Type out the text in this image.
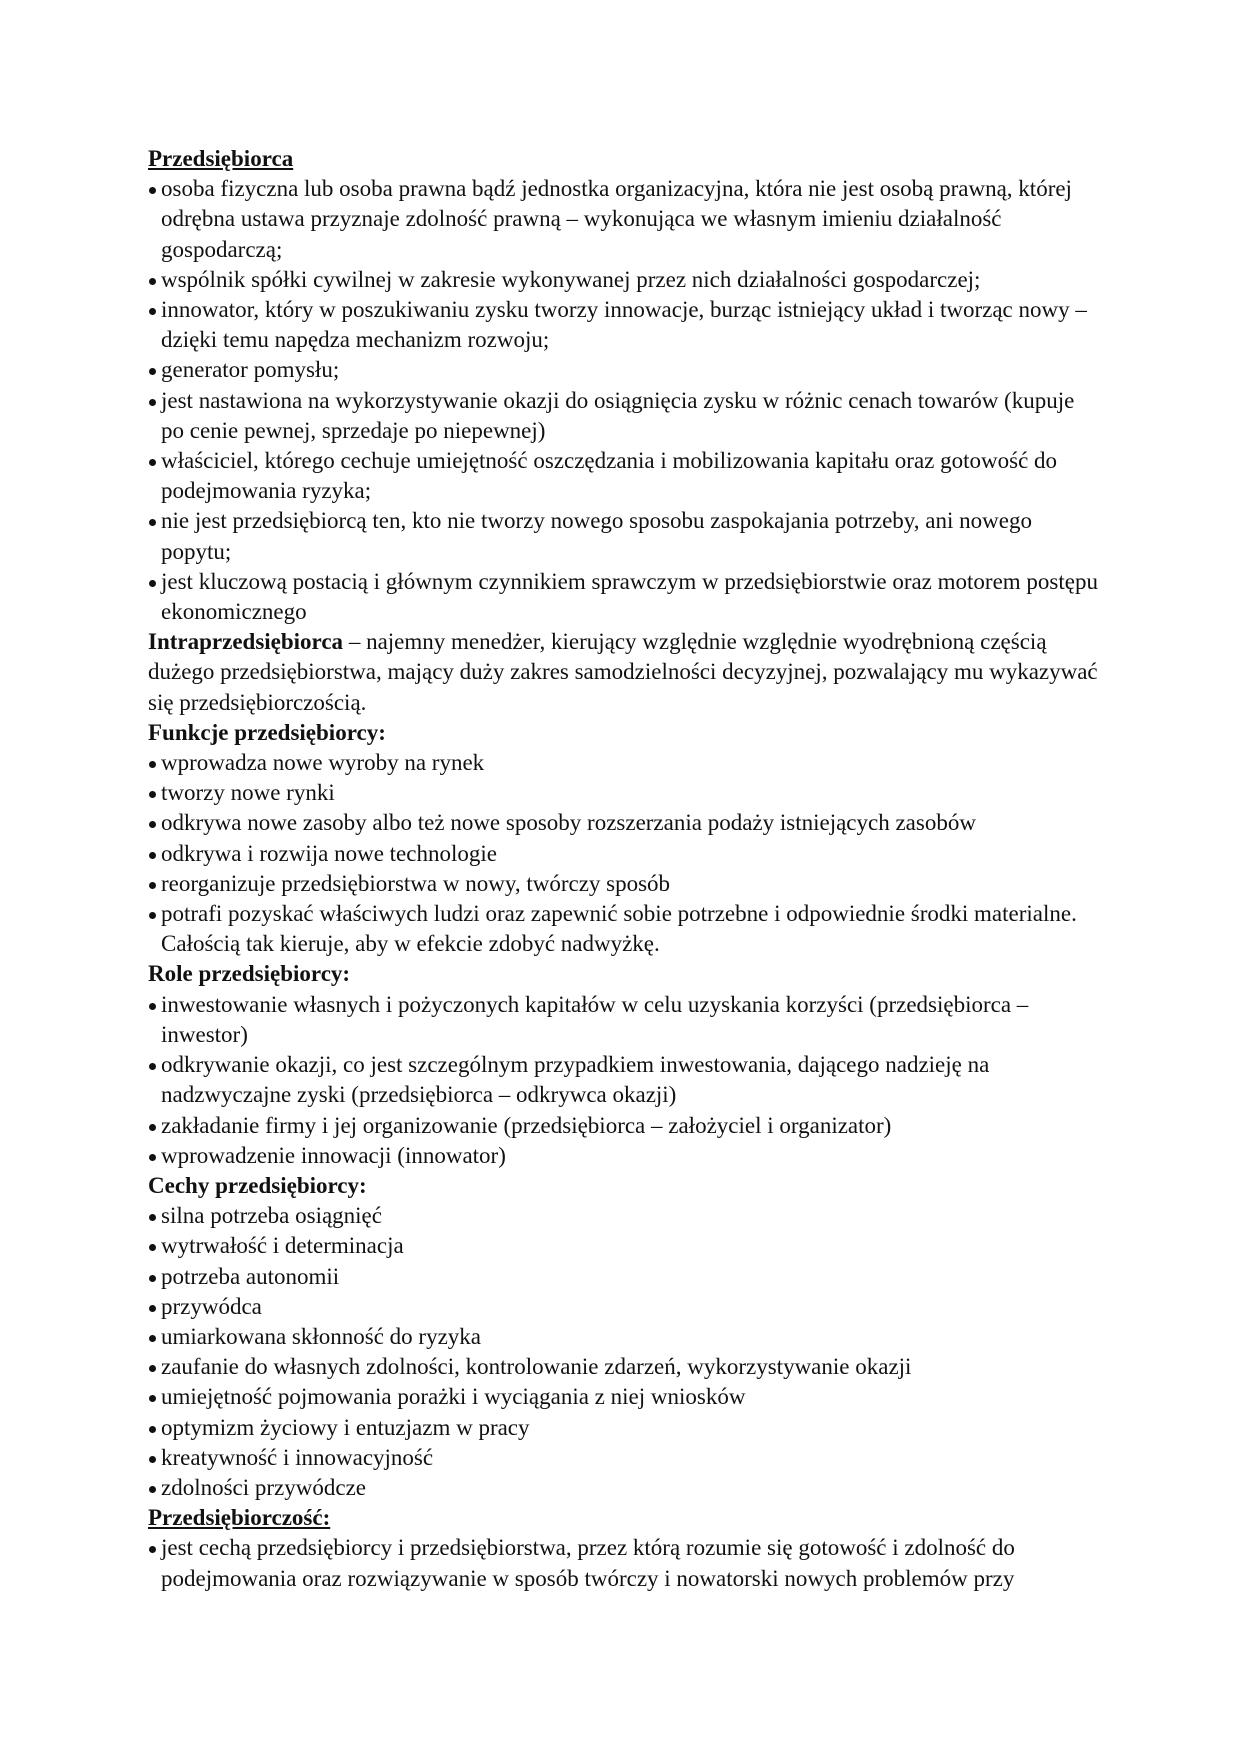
Przedsiębiorca
osoba fizyczna lub osoba prawna bądź jednostka organizacyjna, która nie jest osobą prawną, której odrębna ustawa przyznaje zdolność prawną – wykonująca we własnym imieniu działalność gospodarczą;
wspólnik spółki cywilnej w zakresie wykonywanej przez nich działalności gospodarczej;
innowator, który w poszukiwaniu zysku tworzy innowacje, burząc istniejący układ i tworząc nowy – dzięki temu napędza mechanizm rozwoju;
generator pomysłu;
jest nastawiona na wykorzystywanie okazji do osiągnięcia zysku w różnic cenach towarów (kupuje po cenie pewnej, sprzedaje po niepewnej)
właściciel, którego cechuje umiejętność oszczędzania i mobilizowania kapitału oraz gotowość do podejmowania ryzyka;
nie jest przedsiębiorcą ten, kto nie tworzy nowego sposobu zaspokajania potrzeby, ani nowego popytu;
jest kluczową postacią i głównym czynnikiem sprawczym w przedsiębiorstwie oraz motorem postępu ekonomicznego
Intraprzedsiębiorca – najemny menedżer, kierujący względnie względnie wyodrębnioną częścią dużego przedsiębiorstwa, mający duży zakres samodzielności decyzyjnej, pozwalający mu wykazywać się przedsiębiorczością.
Funkcje przedsiębiorcy:
wprowadza nowe wyroby na rynek
tworzy nowe rynki
odkrywa nowe zasoby albo też nowe sposoby rozszerzania podaży istniejących zasobów
odkrywa i rozwija nowe technologie
reorganizuje przedsiębiorstwa w nowy, twórczy sposób
potrafi pozyskać właściwych ludzi oraz zapewnić sobie potrzebne i odpowiednie środki materialne. Całością tak kieruje, aby w efekcie zdobyć nadwyżkę.
Role przedsiębiorcy:
inwestowanie własnych i pożyczonych kapitałów w celu uzyskania korzyści (przedsiębiorca – inwestor)
odkrywanie okazji, co jest szczególnym przypadkiem inwestowania, dającego nadzieję na nadzwyczajne zyski (przedsiębiorca – odkrywca okazji)
zakładanie firmy i jej organizowanie (przedsiębiorca – założyciel i organizator)
wprowadzenie innowacji (innowator)
Cechy przedsiębiorcy:
silna potrzeba osiągnięć
wytrwałość i determinacja
potrzeba autonomii
przywódca
umiarkowana skłonność do ryzyka
zaufanie do własnych zdolności, kontrolowanie zdarzeń, wykorzystywanie okazji
umiejętność pojmowania porażki i wyciągania z niej wniosków
optymizm życiowy i entuzjazm w pracy
kreatywność i innowacyjność
zdolności przywódcze
Przedsiębiorczość:
jest cechą przedsiębiorcy i przedsiębiorstwa, przez którą rozumie się gotowość i zdolność do podejmowania oraz rozwiązywanie w sposób twórczy i nowatorski nowych problemów przy
